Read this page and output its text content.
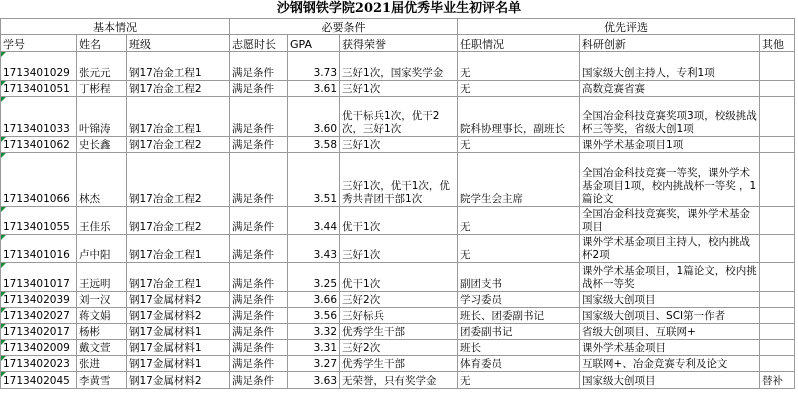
沙钢钢铁学院2021届优秀毕业生初评名单
基本情况			必要条件			优先评选		
学号	姓名	班级	志愿时长	GPA	获得荣誉	任职情况	科研创新	其他
1713401029	张元元	钢17冶金工程1	满足条件	3.73	三好1次，国家奖学金	无	国家级大创主持人，专利1项	
1713401051	丁彬程	钢17冶金工程2	满足条件	3.61	三好1次	无	高数竞赛省赛	
1713401033	叶锦涛	钢17冶金工程1	满足条件	3.60	优干标兵1次，优干2次，三好1次	院科协理事长，副班长	全国冶金科技竞赛奖项3项，校级挑战杯三等奖，省级大创1项	
1713401062	史长鑫	钢17冶金工程2	满足条件	3.58	三好1次	无	课外学术基金项目1项	
1713401066	林杰	钢17冶金工程2	满足条件	3.51	三好1次，优干1次，优秀共青团干部1次	院学生会主席	全国冶金科技竞赛一等奖，课外学术基金项目1项，校内挑战杯一等奖 ，1篇论文	
1713401055	王佳乐	钢17冶金工程2	满足条件	3.44	优干1次	无	全国冶金科技竞赛奖，课外学术基金项目	
1713401016	卢中阳	钢17冶金工程1	满足条件	3.43	三好1次	无	课外学术基金项目主持人，校内挑战杯2项	
1713401017	王远明	钢17冶金工程1	满足条件	3.25	优干1次	副团支书	课外学术基金项目，1篇论文，校内挑战杯一等奖	
1713402039	刘一汉	钢17金属材料2	满足条件	3.66	三好2次	学习委员	国家级大创项目	
1713402027	蒋文娟	钢17金属材料2	满足条件	3.56	三好标兵	班长、团委副书记	国家级大创项目、SCI第一作者	
1713402017	杨彬	钢17金属材料1	满足条件	3.32	优秀学生干部	团委副书记	省级大创项目、互联网+	
1713402009	戴文萱	钢17金属材料1	满足条件	3.31	三好2次	班长	课外学术基金项目	
1713402023	张进	钢17金属材料1	满足条件	3.27	优秀学生干部	体育委员	互联网+、冶金竞赛专利及论文	
1713402045	李黄雪	钢17金属材料2	满足条件	3.63	无荣誉，只有奖学金	无	国家级大创项目	替补
